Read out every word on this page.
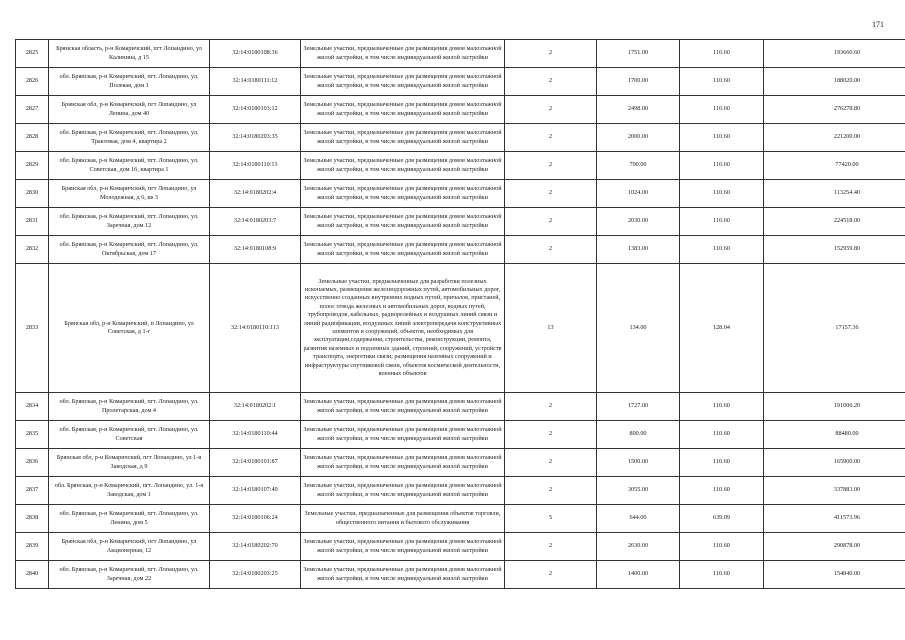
171
2825	Брянская область, р-н Комаричский, пгт Лопандино, ул Калинина, д 15	32:14:0180108:36	Земельные участки, предназначенные для размещения домов малоэтажной жилой застройки, в том числе индивидуальной жилой застройки	2	1751.00	110.60	193660.60
2826	обл. Брянская, р-н Комаричский, пгт. Лопандино, ул. Полевая, дом 1	32:14:0180111:12	Земельные участки, предназначенные для размещения домов малоэтажной жилой застройки, в том числе индивидуальной жилой застройки	2	1700.00	110.60	188020.00
2827	Брянская обл, р-н Комаричский, пгт Лопандино, ул Ленина, дом 40	32:14:0180103:12	Земельные участки, предназначенные для размещения домов малоэтажной жилой застройки, в том числе индивидуальной жилой застройки	2	2498.00	110.60	276278.80
2828	обл. Брянская, р-н Комаричский, пгт. Лопандино, ул. Трактовая, дом 4, квартира 2	32:14:0180203:35	Земельные участки, предназначенные для размещения домов малоэтажной жилой застройки, в том числе индивидуальной жилой застройки	2	2000.00	110.60	221200.00
2829	обл. Брянская, р-н Комаричский, пгт. Лопандино, ул. Советская, дом 16, квартира 1	32:14:0180110:13	Земельные участки, предназначенные для размещения домов малоэтажной жилой застройки, в том числе индивидуальной жилой застройки	2	700.00	110.60	77420.00
2830	Брянская обл, р-н Комаричский, пгт Лопандино, ул Молодежная, д 6, кв 3	32:14:0180202:4	Земельные участки, предназначенные для размещения домов малоэтажной жилой застройки, в том числе индивидуальной жилой застройки	2	1024.00	110.60	113254.40
2831	обл. Брянская, р-н Комаричский, пгт. Лопандино, ул. Заречная, дом 12	32:14:0180203:7	Земельные участки, предназначенные для размещения домов малоэтажной жилой застройки, в том числе индивидуальной жилой застройки	2	2030.00	110.60	224518.00
2832	обл. Брянская, р-н Комаричский, пгт. Лопандино, ул. Октябрьская, дом 17	32:14:0180108:9	Земельные участки, предназначенные для размещения домов малоэтажной жилой застройки, в том числе индивидуальной жилой застройки	2	1383.00	110.60	152959.80
2833	Брянская обл, р-н Комаричский, п Лопандино, ул Советская, д 1-г	32:14:0180110:113	Земельные участки, предназначенные для разработки полезных ископаемых, размещения железнодорожных путей, автомобильных дорог, искусственно созданных внутренних водных путей, причалов, пристаней, полос отвода железных и автомобильных дорог, водных путей, трубопроводов, кабельных, радиорелейных и воздушных линий связи и линий радиофикации, воздушных линий электропередачи конструктивных элементов и сооружений, объектов, необходимых для эксплуатации,содержания, строительства, реконструкции, ремонта, развития наземных и подземных зданий, строений, сооружений, устройств транспорта, энергетики связи; размещения наземных сооружений и инфраструктуры спутниковой связи, объектов космической деятельности, военных объектов	13	134.00	128.04	17157.36
2834	обл. Брянская, р-н Комаричский, пгт. Лопандино, ул. Пролетарская, дом 4	32:14:0180202:1	Земельные участки, предназначенные для размещения домов малоэтажной жилой застройки, в том числе индивидуальной жилой застройки	2	1727.00	110.60	191006.20
2835	обл. Брянская, р-н Комаричский, пгт. Лопандино, ул. Советская	32:14:0180110:44	Земельные участки, предназначенные для размещения домов малоэтажной жилой застройки, в том числе индивидуальной жилой застройки	2	800.00	110.60	88480.00
2836	Брянская обл, р-н Комаричский, пгт Лопандино, ул 1-я Заводская, д 9	32:14:0180101:87	Земельные участки, предназначенные для размещения домов малоэтажной жилой застройки, в том числе индивидуальной жилой застройки	2	1500.00	110.60	165900.00
2837	обл. Брянская, р-н Комаричский, пгт. Лопандино, ул. 1-я Заводская, дом 1	32:14:0180107:40	Земельные участки, предназначенные для размещения домов малоэтажной жилой застройки, в том числе индивидуальной жилой застройки	2	3055.00	110.60	337883.00
2838	обл. Брянская, р-н Комаричский, пгт. Лопандино, ул. Ленина, дом 5	32:14:0180106:24	Земельные участки, предназначенные для размещения объектов торговли, общественного питания и бытового обслуживания	5	644.00	639.09	411573.96
2839	Брянская обл, р-н Комаричский, пгт Лопандино, ул Акционерная, 12	32:14:0180202:70	Земельные участки, предназначенные для размещения домов малоэтажной жилой застройки, в том числе индивидуальной жилой застройки	2	2630.00	110.60	290878.00
2840	обл. Брянская, р-н Комаричский, пгт. Лопандино, ул. Заречная, дом 22	32:14:0180203:25	Земельные участки, предназначенные для размещения домов малоэтажной жилой застройки, в том числе индивидуальной жилой застройки	2	1400.00	110.60	154840.00
